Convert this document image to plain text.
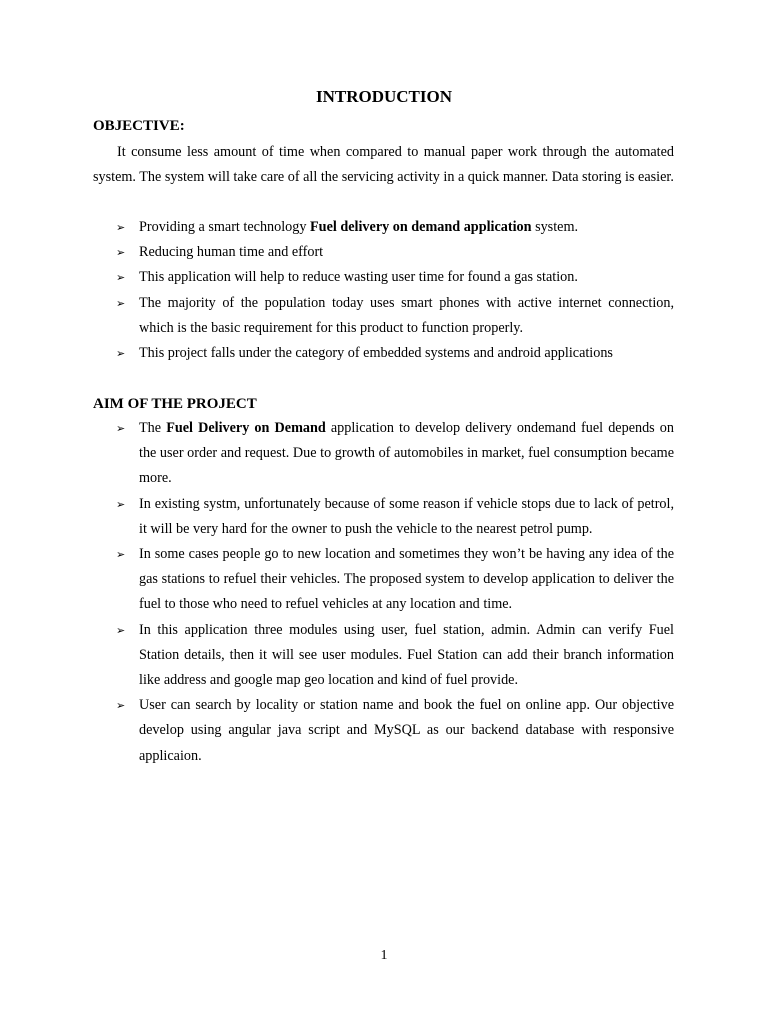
INTRODUCTION
OBJECTIVE:
It consume less amount of time when compared to manual paper work through the automated system. The system will take care of all the servicing activity in a quick manner. Data storing is easier.
➢ Providing a smart technology Fuel delivery on demand application system.
➢ Reducing human time and effort
➢ This application will help to reduce wasting user time for found a gas station.
➢ The majority of the population today uses smart phones with active internet connection, which is the basic requirement for this product to function properly.
➢ This project falls under the category of embedded systems and android applications
AIM OF THE PROJECT
➢ The Fuel Delivery on Demand application to develop delivery ondemand fuel depends on the user order and request. Due to growth of automobiles in market, fuel consumption became more.
➢ In existing systm, unfortunately because of some reason if vehicle stops due to lack of petrol, it will be very hard for the owner to push the vehicle to the nearest petrol pump.
➢ In some cases people go to new location and sometimes they won’t be having any idea of the gas stations to refuel their vehicles. The proposed system to develop application to deliver the fuel to those who need to refuel vehicles at any location and time.
➢ In this application three modules using user, fuel station, admin. Admin can verify Fuel Station details, then it will see user modules. Fuel Station can add their branch information like address and google map geo location and kind of fuel provide.
➢ User can search by locality or station name and book the fuel on online app. Our objective develop using angular java script and MySQL as our backend database with responsive applicaion.
1
